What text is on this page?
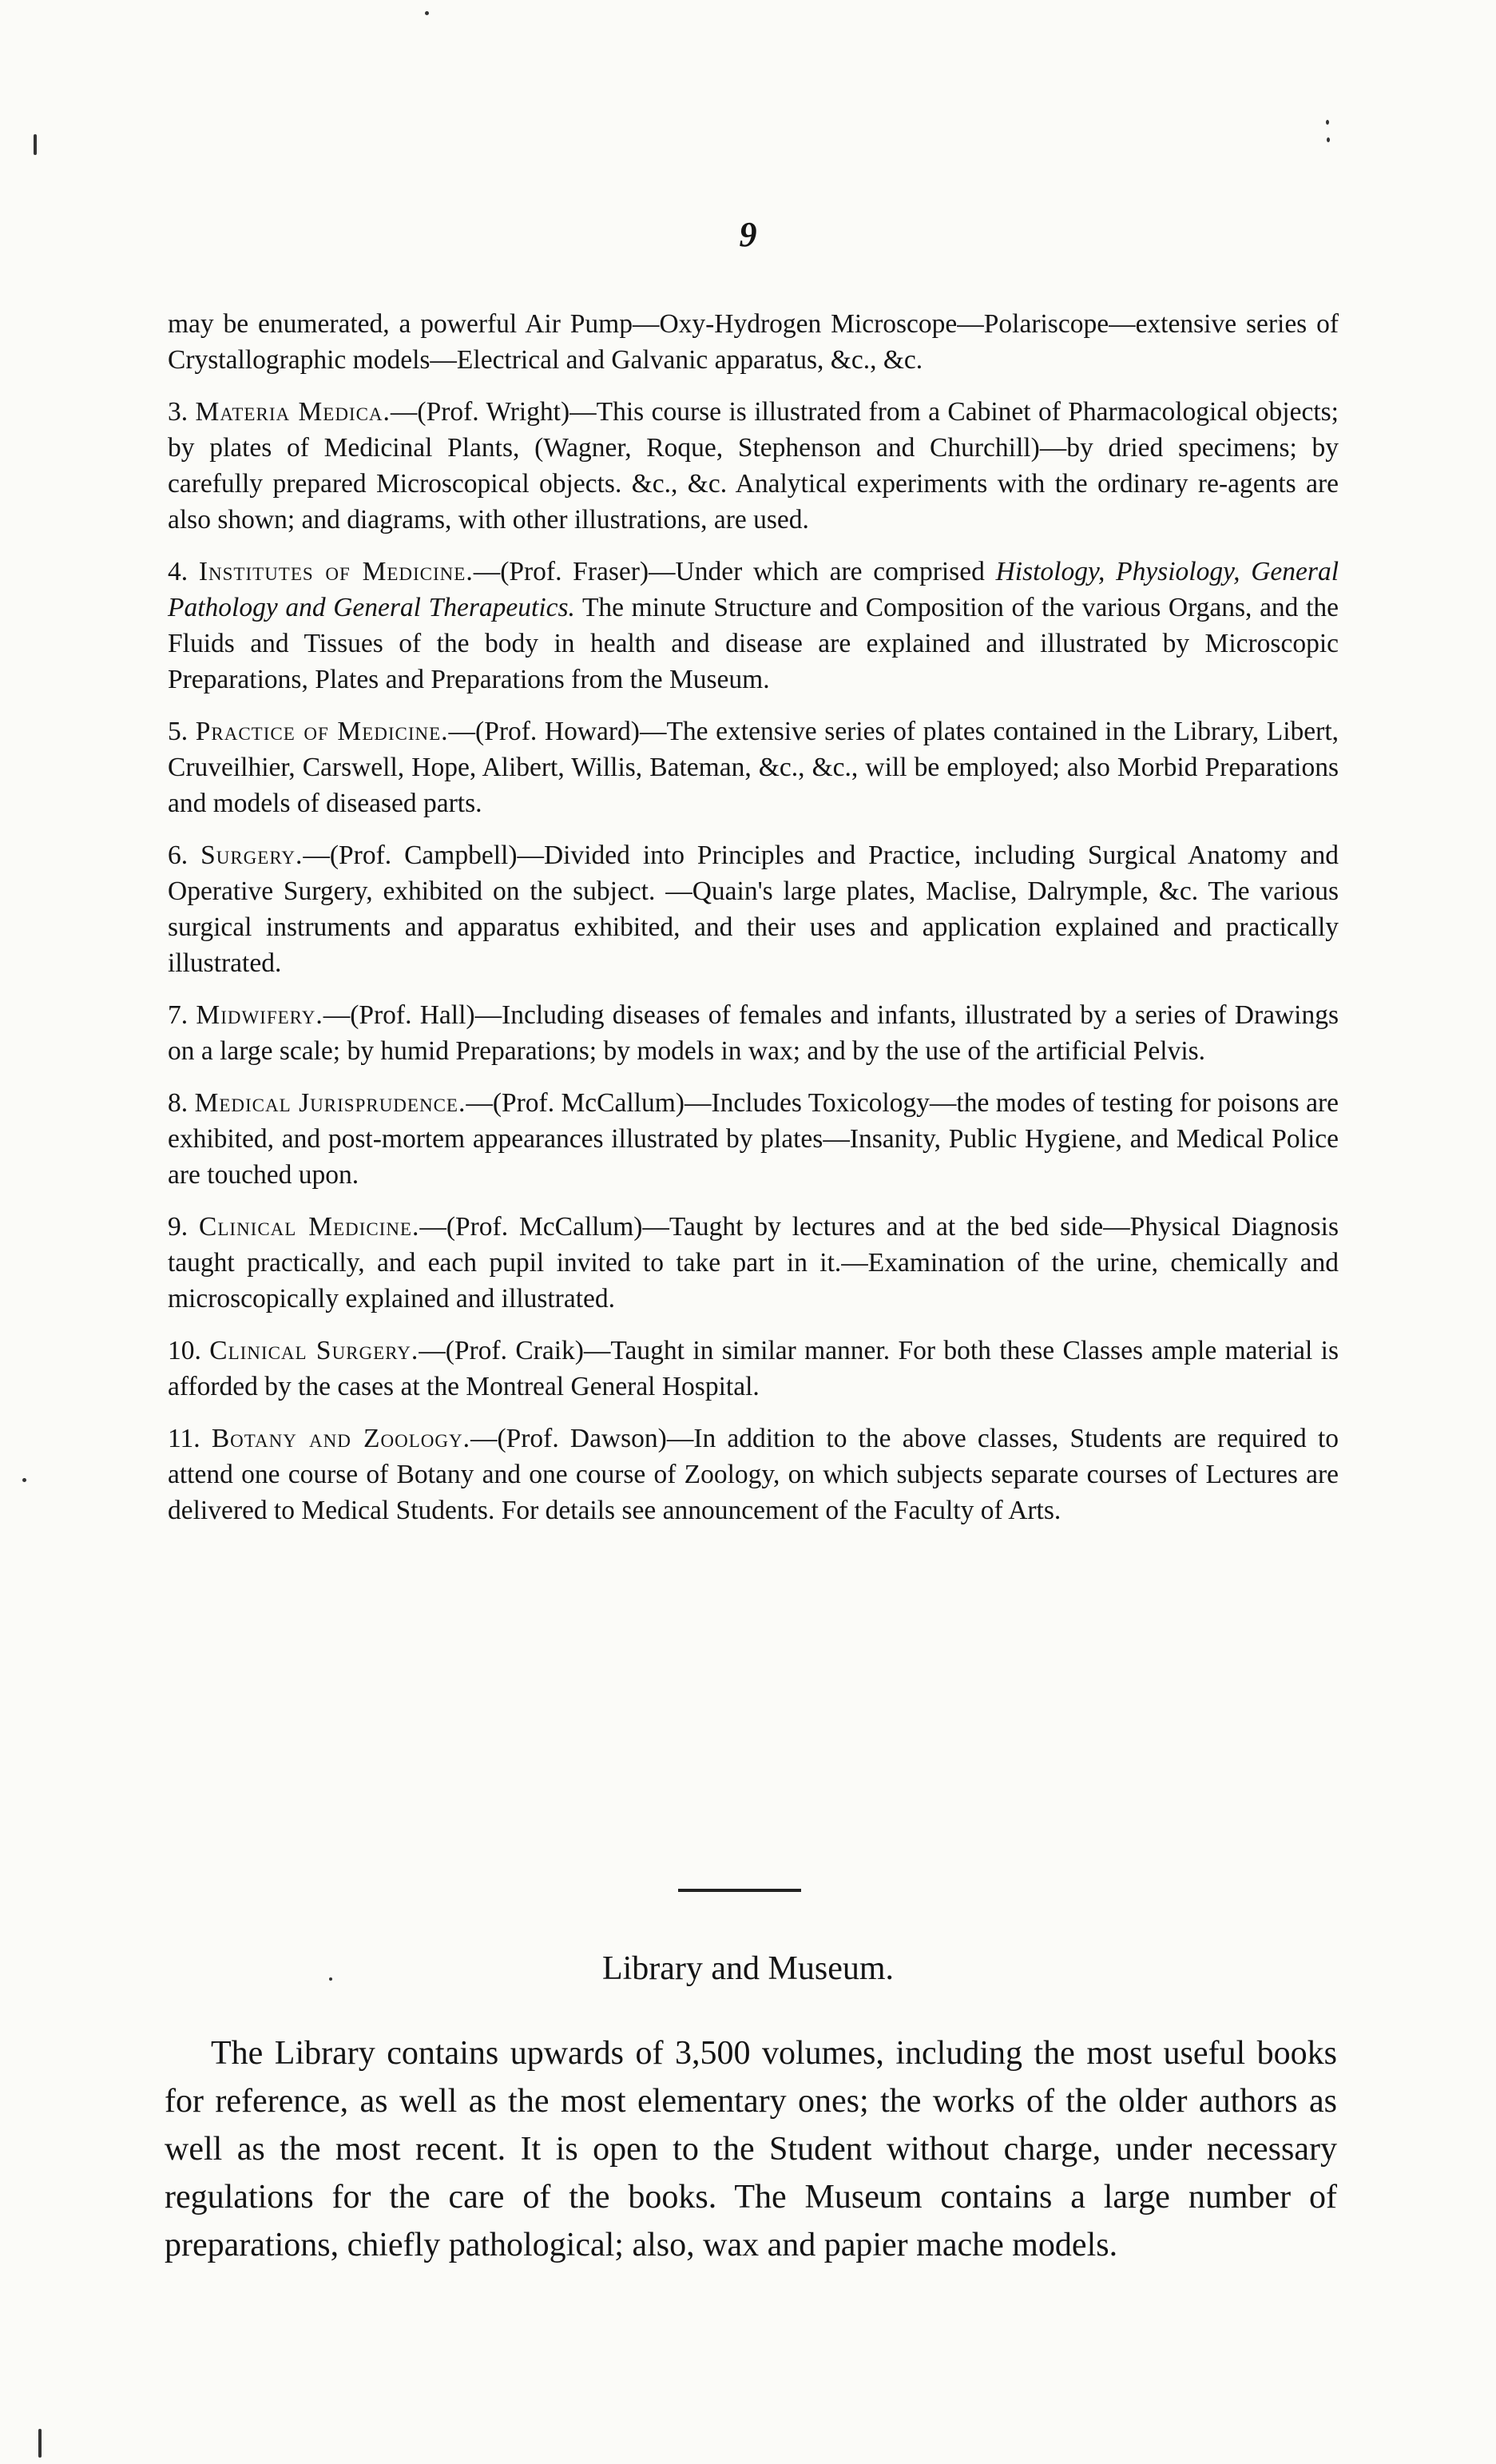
9

may be enumerated, a powerful Air Pump—Oxy-Hydrogen Microscope—Polariscope—extensive series of Crystallographic models—Electrical and Galvanic apparatus, &c., &c.

3. Materia Medica.—(Prof. Wright)—This course is illustrated from a Cabinet of Pharmacological objects; by plates of Medicinal Plants, (Wagner, Roque, Stephenson and Churchill)—by dried specimens; by carefully prepared Microscopical objects. &c., &c. Analytical experiments with the ordinary re-agents are also shown; and diagrams, with other illustrations, are used.

4. Institutes of Medicine.—(Prof. Fraser)—Under which are comprised Histology, Physiology, General Pathology and General Therapeutics. The minute Structure and Composition of the various Organs, and the Fluids and Tissues of the body in health and disease are explained and illustrated by Microscopic Preparations, Plates and Preparations from the Museum.

5. Practice of Medicine.—(Prof. Howard)—The extensive series of plates contained in the Library, Libert, Cruveilhier, Carswell, Hope, Alibert, Willis, Bateman, &c., &c., will be employed; also Morbid Preparations and models of diseased parts.

6. Surgery.—(Prof. Campbell)—Divided into Principles and Practice, including Surgical Anatomy and Operative Surgery, exhibited on the subject. —Quain's large plates, Maclise, Dalrymple, &c. The various surgical instruments and apparatus exhibited, and their uses and application explained and practically illustrated.

7. Midwifery.—(Prof. Hall)—Including diseases of females and infants, illustrated by a series of Drawings on a large scale; by humid Preparations; by models in wax; and by the use of the artificial Pelvis.

8. Medical Jurisprudence.—(Prof. McCallum)—Includes Toxicology—the modes of testing for poisons are exhibited, and post-mortem appearances illustrated by plates—Insanity, Public Hygiene, and Medical Police are touched upon.

9. Clinical Medicine.—(Prof. McCallum)—Taught by lectures and at the bed side—Physical Diagnosis taught practically, and each pupil invited to take part in it.—Examination of the urine, chemically and microscopically explained and illustrated.

10. Clinical Surgery.—(Prof. Craik)—Taught in similar manner. For both these Classes ample material is afforded by the cases at the Montreal General Hospital.

11. Botany and Zoology.—(Prof. Dawson)—In addition to the above classes, Students are required to attend one course of Botany and one course of Zoology, on which subjects separate courses of Lectures are delivered to Medical Students. For details see announcement of the Faculty of Arts.

Library and Museum.

The Library contains upwards of 3,500 volumes, including the most useful books for reference, as well as the most elementary ones; the works of the older authors as well as the most recent. It is open to the Student without charge, under necessary regulations for the care of the books. The Museum contains a large number of preparations, chiefly pathological; also, wax and papier mache models.
